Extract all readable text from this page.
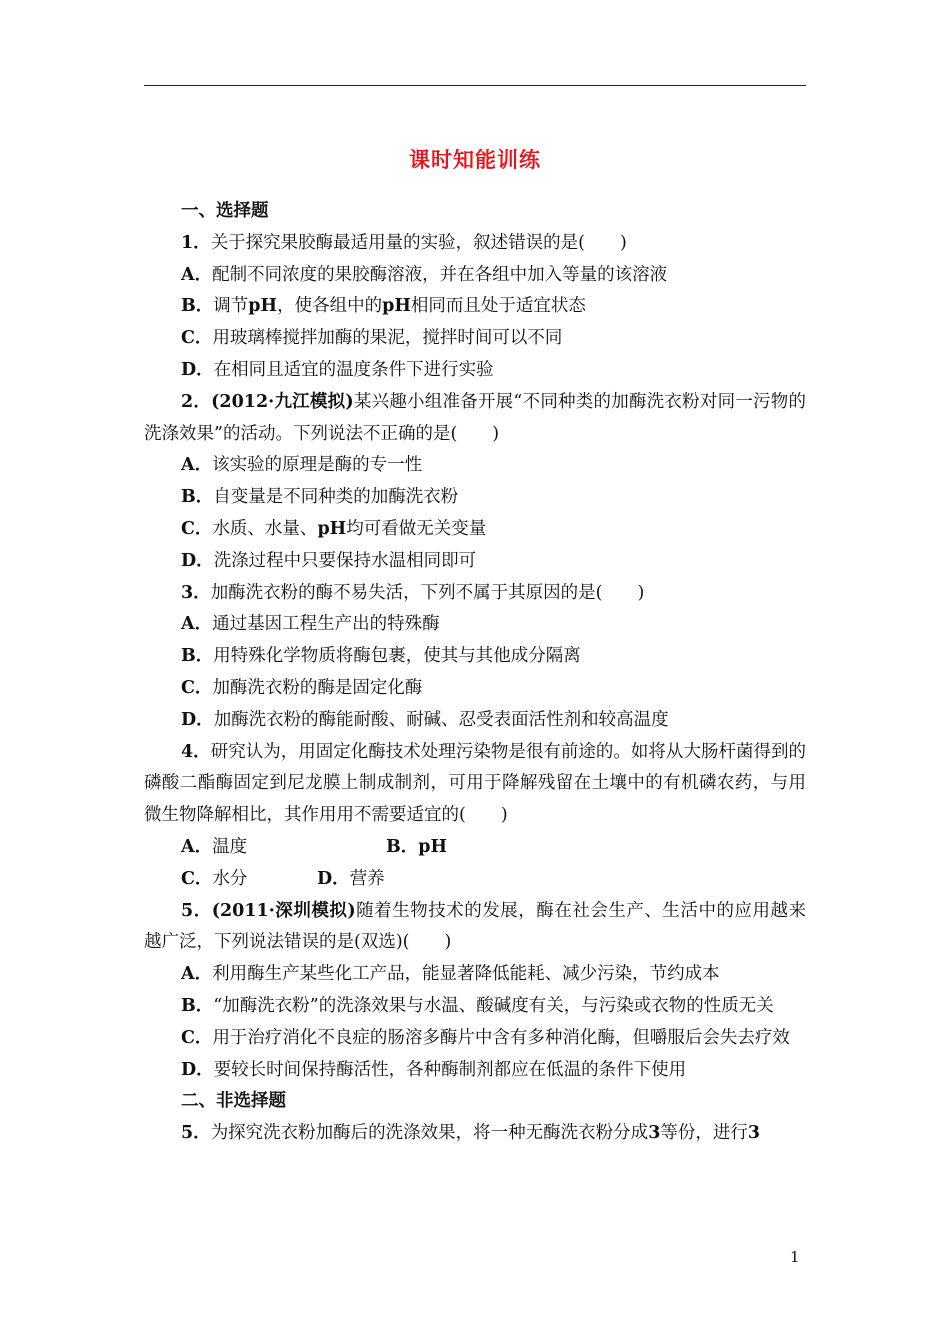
课时知能训练

一、选择题

1．关于探究果胶酶最适用量的实验，叙述错误的是(　　)

A．配制不同浓度的果胶酶溶液，并在各组中加入等量的该溶液

B．调节pH，使各组中的pH相同而且处于适宜状态

C．用玻璃棒搅拌加酶的果泥，搅拌时间可以不同

D．在相同且适宜的温度条件下进行实验

2．(2012·九江模拟)某兴趣小组准备开展“不同种类的加酶洗衣粉对同一污物的洗涤效果”的活动。下列说法不正确的是(　　)

A．该实验的原理是酶的专一性

B．自变量是不同种类的加酶洗衣粉

C．水质、水量、pH均可看做无关变量

D．洗涤过程中只要保持水温相同即可

3．加酶洗衣粉的酶不易失活，下列不属于其原因的是(　　)

A．通过基因工程生产出的特殊酶

B．用特殊化学物质将酶包裹，使其与其他成分隔离

C．加酶洗衣粉的酶是固定化酶

D．加酶洗衣粉的酶能耐酸、耐碱、忍受表面活性剂和较高温度

4．研究认为，用固定化酶技术处理污染物是很有前途的。如将从大肠杆菌得到的磷酸二酯酶固定到尼龙膜上制成制剂，可用于降解残留在土壤中的有机磷农药，与用微生物降解相比，其作用用不需要适宜的(　　)

A．温度	B．pH

C．水分	D．营养

5．(2011·深圳模拟)随着生物技术的发展，酶在社会生产、生活中的应用越来越广泛，下列说法错误的是(双选)(　　)

A．利用酶生产某些化工产品，能显著降低能耗、减少污染，节约成本

B．“加酶洗衣粉”的洗涤效果与水温、酸碱度有关，与污染或衣物的性质无关

C．用于治疗消化不良症的肠溶多酶片中含有多种消化酶，但嚼服后会失去疗效

D．要较长时间保持酶活性，各种酶制剂都应在低温的条件下使用

二、非选择题

5．为探究洗衣粉加酶后的洗涤效果，将一种无酶洗衣粉分成3等份，进行3

1
